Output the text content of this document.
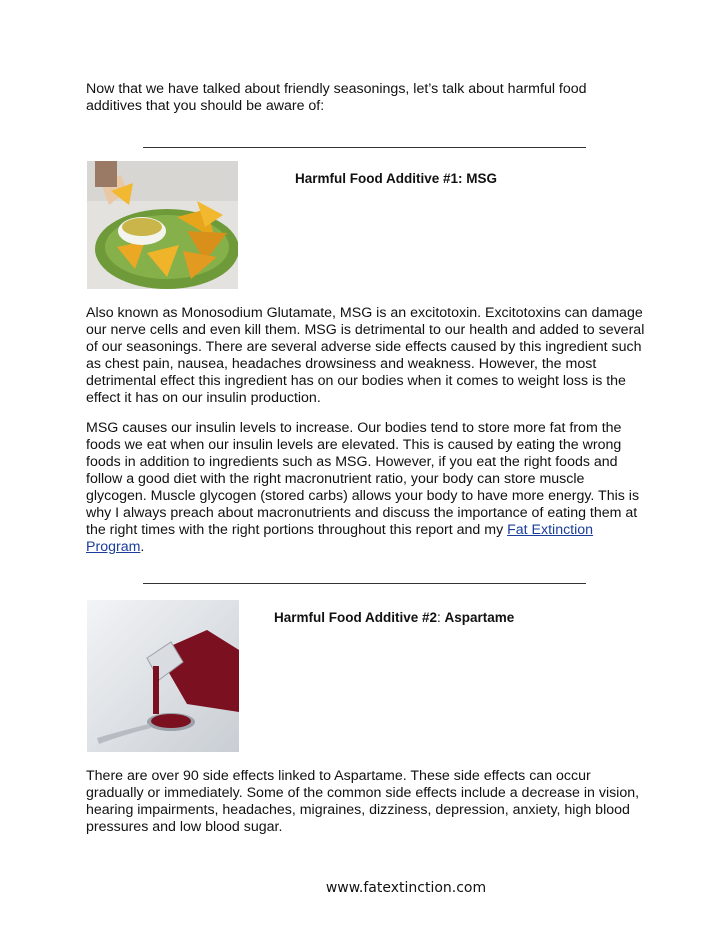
Now that we have talked about friendly seasonings, let’s talk about harmful food additives that you should be aware of:

Harmful Food Additive #1: MSG

Also known as Monosodium Glutamate, MSG is an excitotoxin. Excitotoxins can damage our nerve cells and even kill them. MSG is detrimental to our health and added to several of our seasonings. There are several adverse side effects caused by this ingredient such as chest pain, nausea, headaches drowsiness and weakness. However, the most detrimental effect this ingredient has on our bodies when it comes to weight loss is the effect it has on our insulin production.

MSG causes our insulin levels to increase. Our bodies tend to store more fat from the foods we eat when our insulin levels are elevated. This is caused by eating the wrong foods in addition to ingredients such as MSG. However, if you eat the right foods and follow a good diet with the right macronutrient ratio, your body can store muscle glycogen. Muscle glycogen (stored carbs) allows your body to have more energy. This is why I always preach about macronutrients and discuss the importance of eating them at the right times with the right portions throughout this report and my Fat Extinction Program.

Harmful Food Additive #2: Aspartame

There are over 90 side effects linked to Aspartame. These side effects can occur gradually or immediately. Some of the common side effects include a decrease in vision, hearing impairments, headaches, migraines, dizziness, depression, anxiety, high blood pressures and low blood sugar.

www.fatextinction.com
